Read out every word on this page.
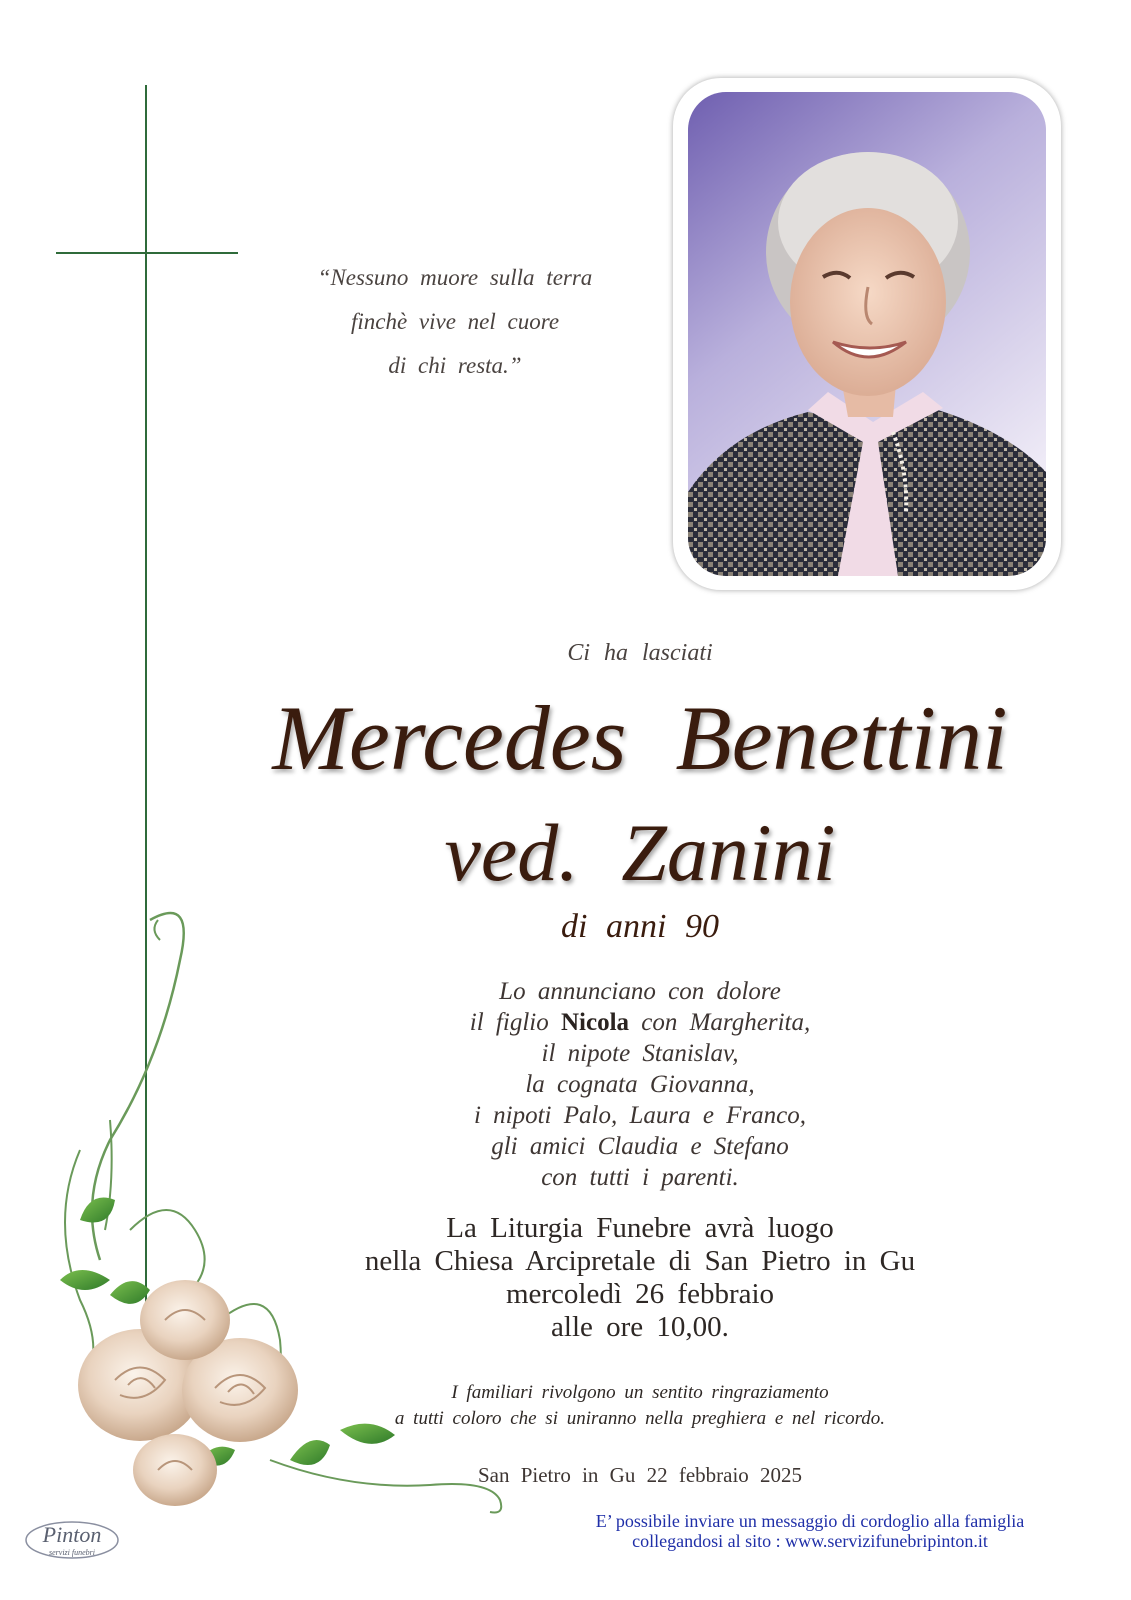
“Nessuno muore sulla terra
finchè vive nel cuore
di chi resta.”
Ci ha lasciati
Mercedes Benettini
ved. Zanini
di anni 90
Lo annunciano con dolore
il figlio Nicola con Margherita,
il nipote Stanislav,
la cognata Giovanna,
i nipoti Palo, Laura e Franco,
gli amici Claudia e Stefano
con tutti i parenti.
La Liturgia Funebre avrà luogo
nella Chiesa Arcipretale di San Pietro in Gu
mercoledì 26 febbraio
alle ore 10,00.
I familiari rivolgono un sentito ringraziamento
a tutti coloro che si uniranno nella preghiera e nel ricordo.
San Pietro in Gu 22 febbraio 2025
E’ possibile inviare un messaggio di cordoglio alla famiglia
collegandosi al sito : www.servizifunebripinton.it
Pinton
servizi funebri
